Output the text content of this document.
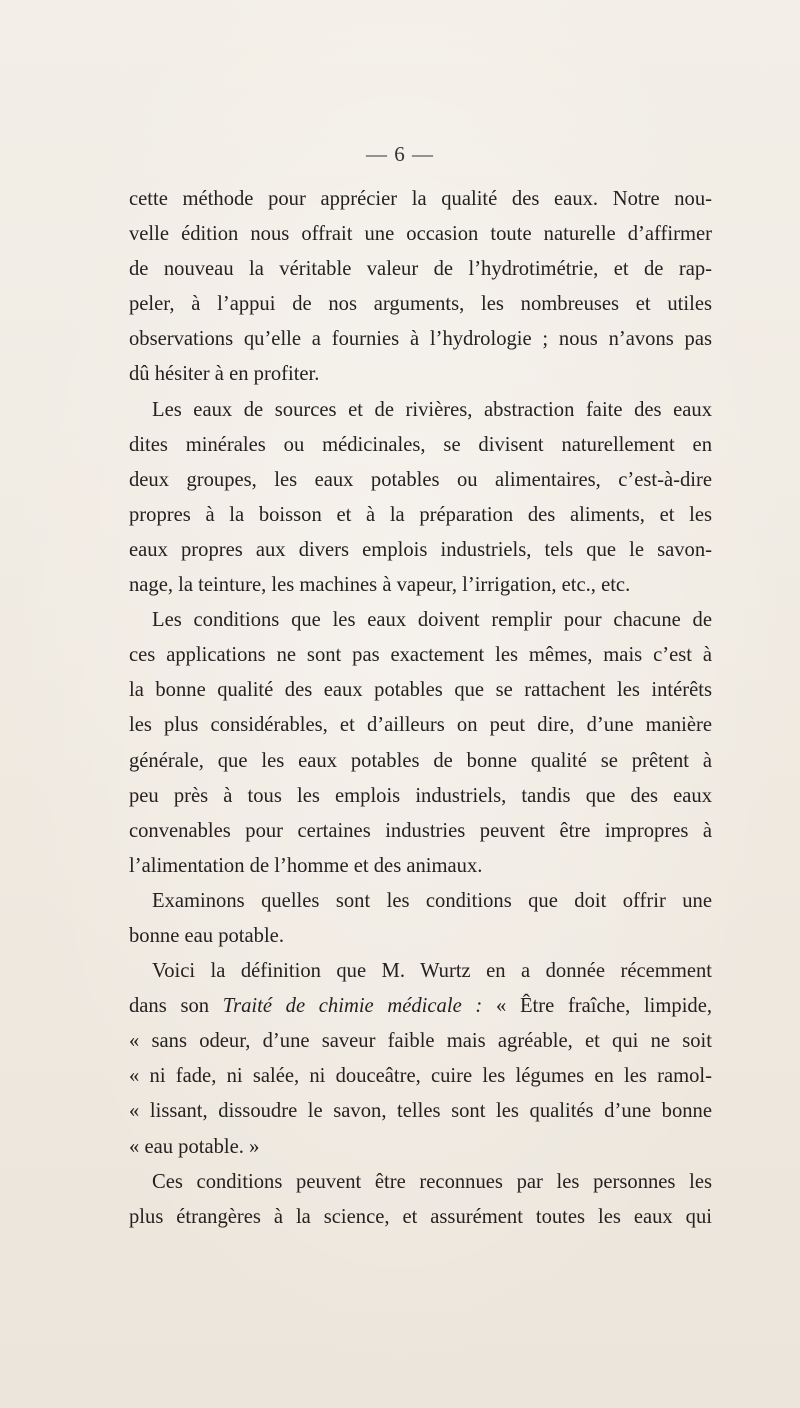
— 6 —
cette méthode pour apprécier la qualité des eaux. Notre nou-
velle édition nous offrait une occasion toute naturelle d’affirmer
de nouveau la véritable valeur de l’hydrotimétrie, et de rap-
peler, à l’appui de nos arguments, les nombreuses et utiles
observations qu’elle a fournies à l’hydrologie ; nous n’avons pas
dû hésiter à en profiter.
Les eaux de sources et de rivières, abstraction faite des eaux
dites minérales ou médicinales, se divisent naturellement en
deux groupes, les eaux potables ou alimentaires, c’est-à-dire
propres à la boisson et à la préparation des aliments, et les
eaux propres aux divers emplois industriels, tels que le savon-
nage, la teinture, les machines à vapeur, l’irrigation, etc., etc.
Les conditions que les eaux doivent remplir pour chacune de
ces applications ne sont pas exactement les mêmes, mais c’est à
la bonne qualité des eaux potables que se rattachent les intérêts
les plus considérables, et d’ailleurs on peut dire, d’une manière
générale, que les eaux potables de bonne qualité se prêtent à
peu près à tous les emplois industriels, tandis que des eaux
convenables pour certaines industries peuvent être impropres à
l’alimentation de l’homme et des animaux.
Examinons quelles sont les conditions que doit offrir une
bonne eau potable.
Voici la définition que M. Wurtz en a donnée récemment
dans son Traité de chimie médicale : « Être fraîche, limpide,
« sans odeur, d’une saveur faible mais agréable, et qui ne soit
« ni fade, ni salée, ni douceâtre, cuire les légumes en les ramol-
« lissant, dissoudre le savon, telles sont les qualités d’une bonne
« eau potable. »
Ces conditions peuvent être reconnues par les personnes les
plus étrangères à la science, et assurément toutes les eaux qui
